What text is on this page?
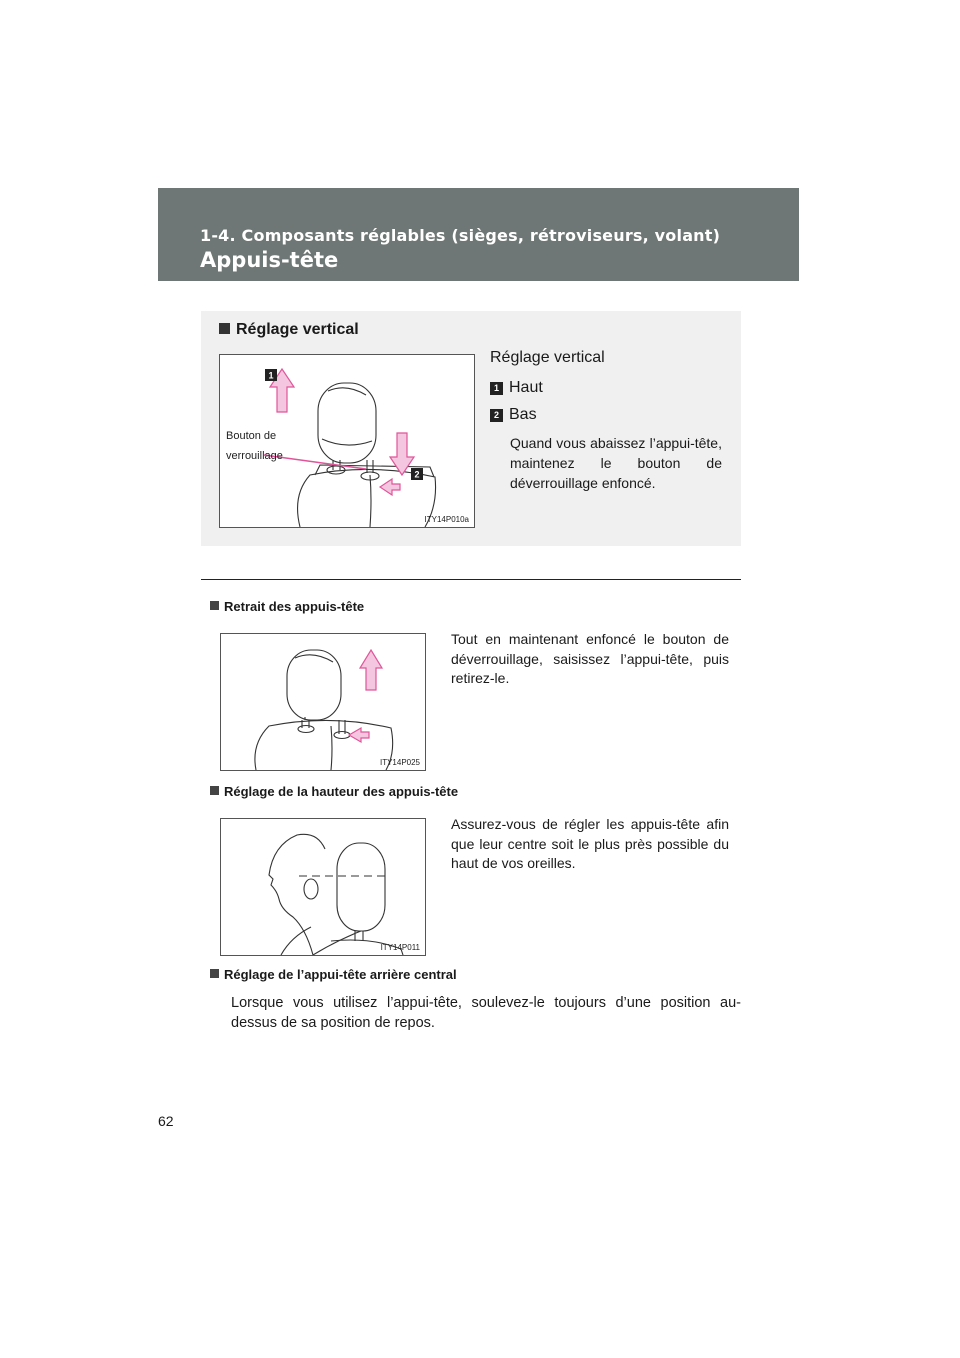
1-4. Composants réglables (sièges, rétroviseurs, volant)
Appuis-tête
Réglage vertical
1
2
Bouton de
verrouillage
ITY14P010a

Réglage vertical

1 Haut
2 Bas

Quand vous abaissez l’appui-tête, maintenez le bouton de déverrouillage enfoncé.

Retrait des appuis-tête
ITY14P025
Tout en maintenant enfoncé le bouton de déverrouillage, saisissez l’appui-tête, puis retirez-le.
Réglage de la hauteur des appuis-tête
ITY14P011
Assurez-vous de régler les appuis-tête afin que leur centre soit le plus près possible du haut de vos oreilles.
Réglage de l’appui-tête arrière central
Lorsque vous utilisez l’appui-tête, soulevez-le toujours d’une position au-dessus de sa position de repos.
62
